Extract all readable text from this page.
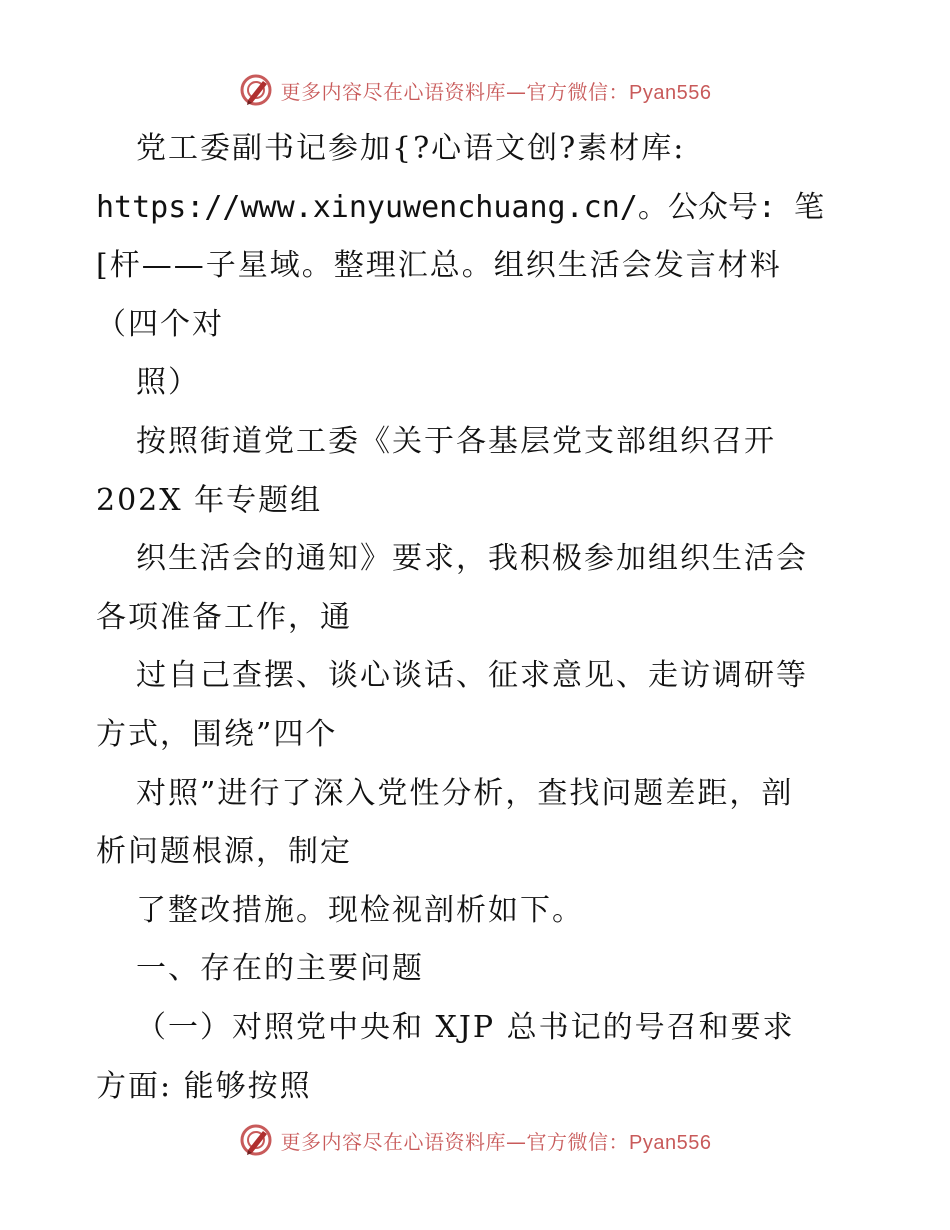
更多内容尽在心语资料库—官方微信：Pyan556
党工委副书记参加{?心语文创?素材库:
https://www.xinyuwenchuang.cn/。公众号: 笔
[杆——子星域。整理汇总。组织生活会发言材料
（四个对
照）
按照街道党工委《关于各基层党支部组织召开
202X 年专题组
织生活会的通知》要求，我积极参加组织生活会
各项准备工作，通
过自己查摆、谈心谈话、征求意见、走访调研等
方式，围绕”四个
对照”进行了深入党性分析，查找问题差距，剖
析问题根源，制定
了整改措施。现检视剖析如下。
一、存在的主要问题
（一）对照党中央和 XJP 总书记的号召和要求
方面: 能够按照
更多内容尽在心语资料库—官方微信：Pyan556
